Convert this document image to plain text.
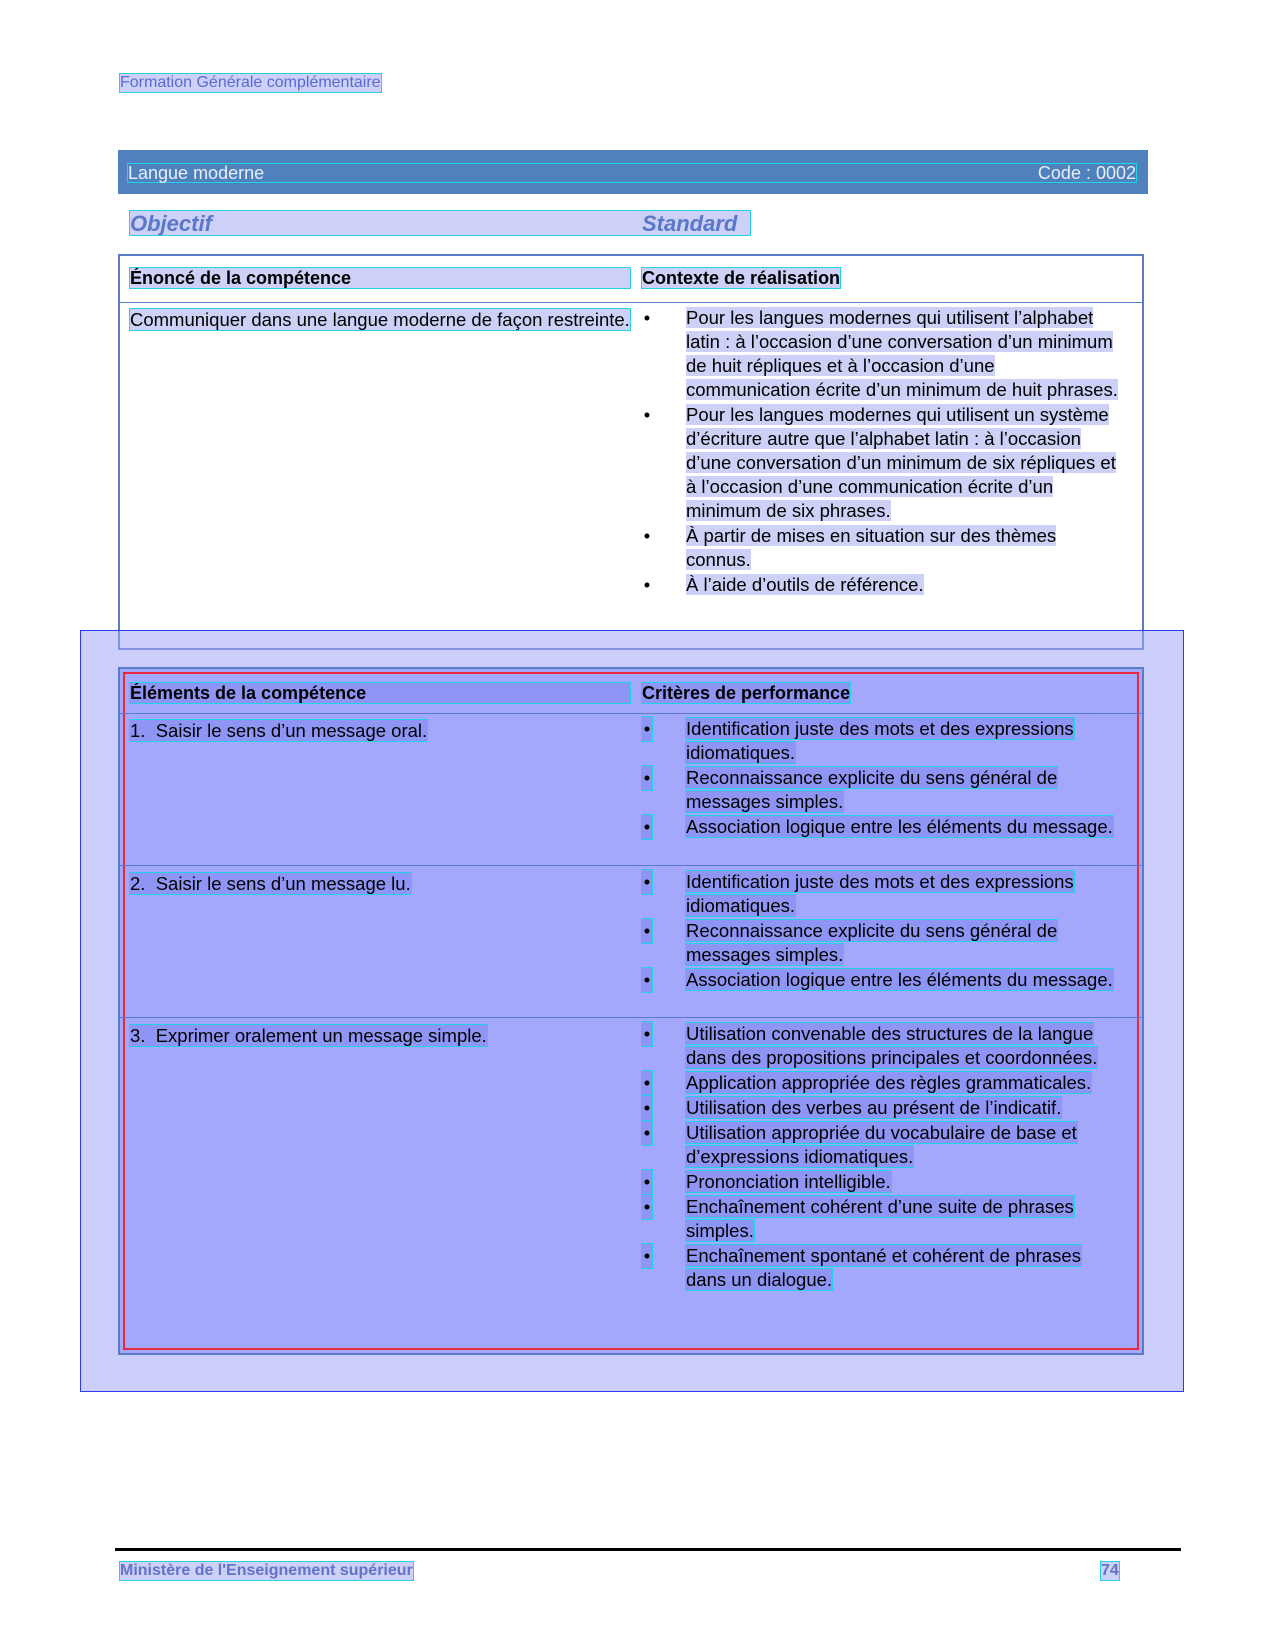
Formation Générale complémentaire
Langue moderne	Code : 0002
Objectif	Standard
Énoncé de la compétence	Contexte de réalisation
Communiquer dans une langue moderne de façon restreinte. • Pour les langues modernes qui utilisent l’alphabet latin : à l’occasion d’une conversation d’un minimum de huit répliques et à l’occasion d’une communication écrite d’un minimum de huit phrases.
• Pour les langues modernes qui utilisent un système d’écriture autre que l’alphabet latin : à l’occasion d’une conversation d’un minimum de six répliques et à l’occasion d’une communication écrite d’un minimum de six phrases.
• À partir de mises en situation sur des thèmes connus.
• À l’aide d’outils de référence.
Éléments de la compétence	Critères de performance
1.  Saisir le sens d’un message oral.	• Identification juste des mots et des expressions idiomatiques.
• Reconnaissance explicite du sens général de messages simples.
• Association logique entre les éléments du message.
2.  Saisir le sens d’un message lu.	• Identification juste des mots et des expressions idiomatiques.
• Reconnaissance explicite du sens général de messages simples.
• Association logique entre les éléments du message.
3.  Exprimer oralement un message simple.	• Utilisation convenable des structures de la langue dans des propositions principales et coordonnées.
• Application appropriée des règles grammaticales.
• Utilisation des verbes au présent de l’indicatif.
• Utilisation appropriée du vocabulaire de base et d’expressions idiomatiques.
• Prononciation intelligible.
• Enchaînement cohérent d’une suite de phrases simples.
• Enchaînement spontané et cohérent de phrases dans un dialogue.
Ministère de l'Enseignement supérieur	74
